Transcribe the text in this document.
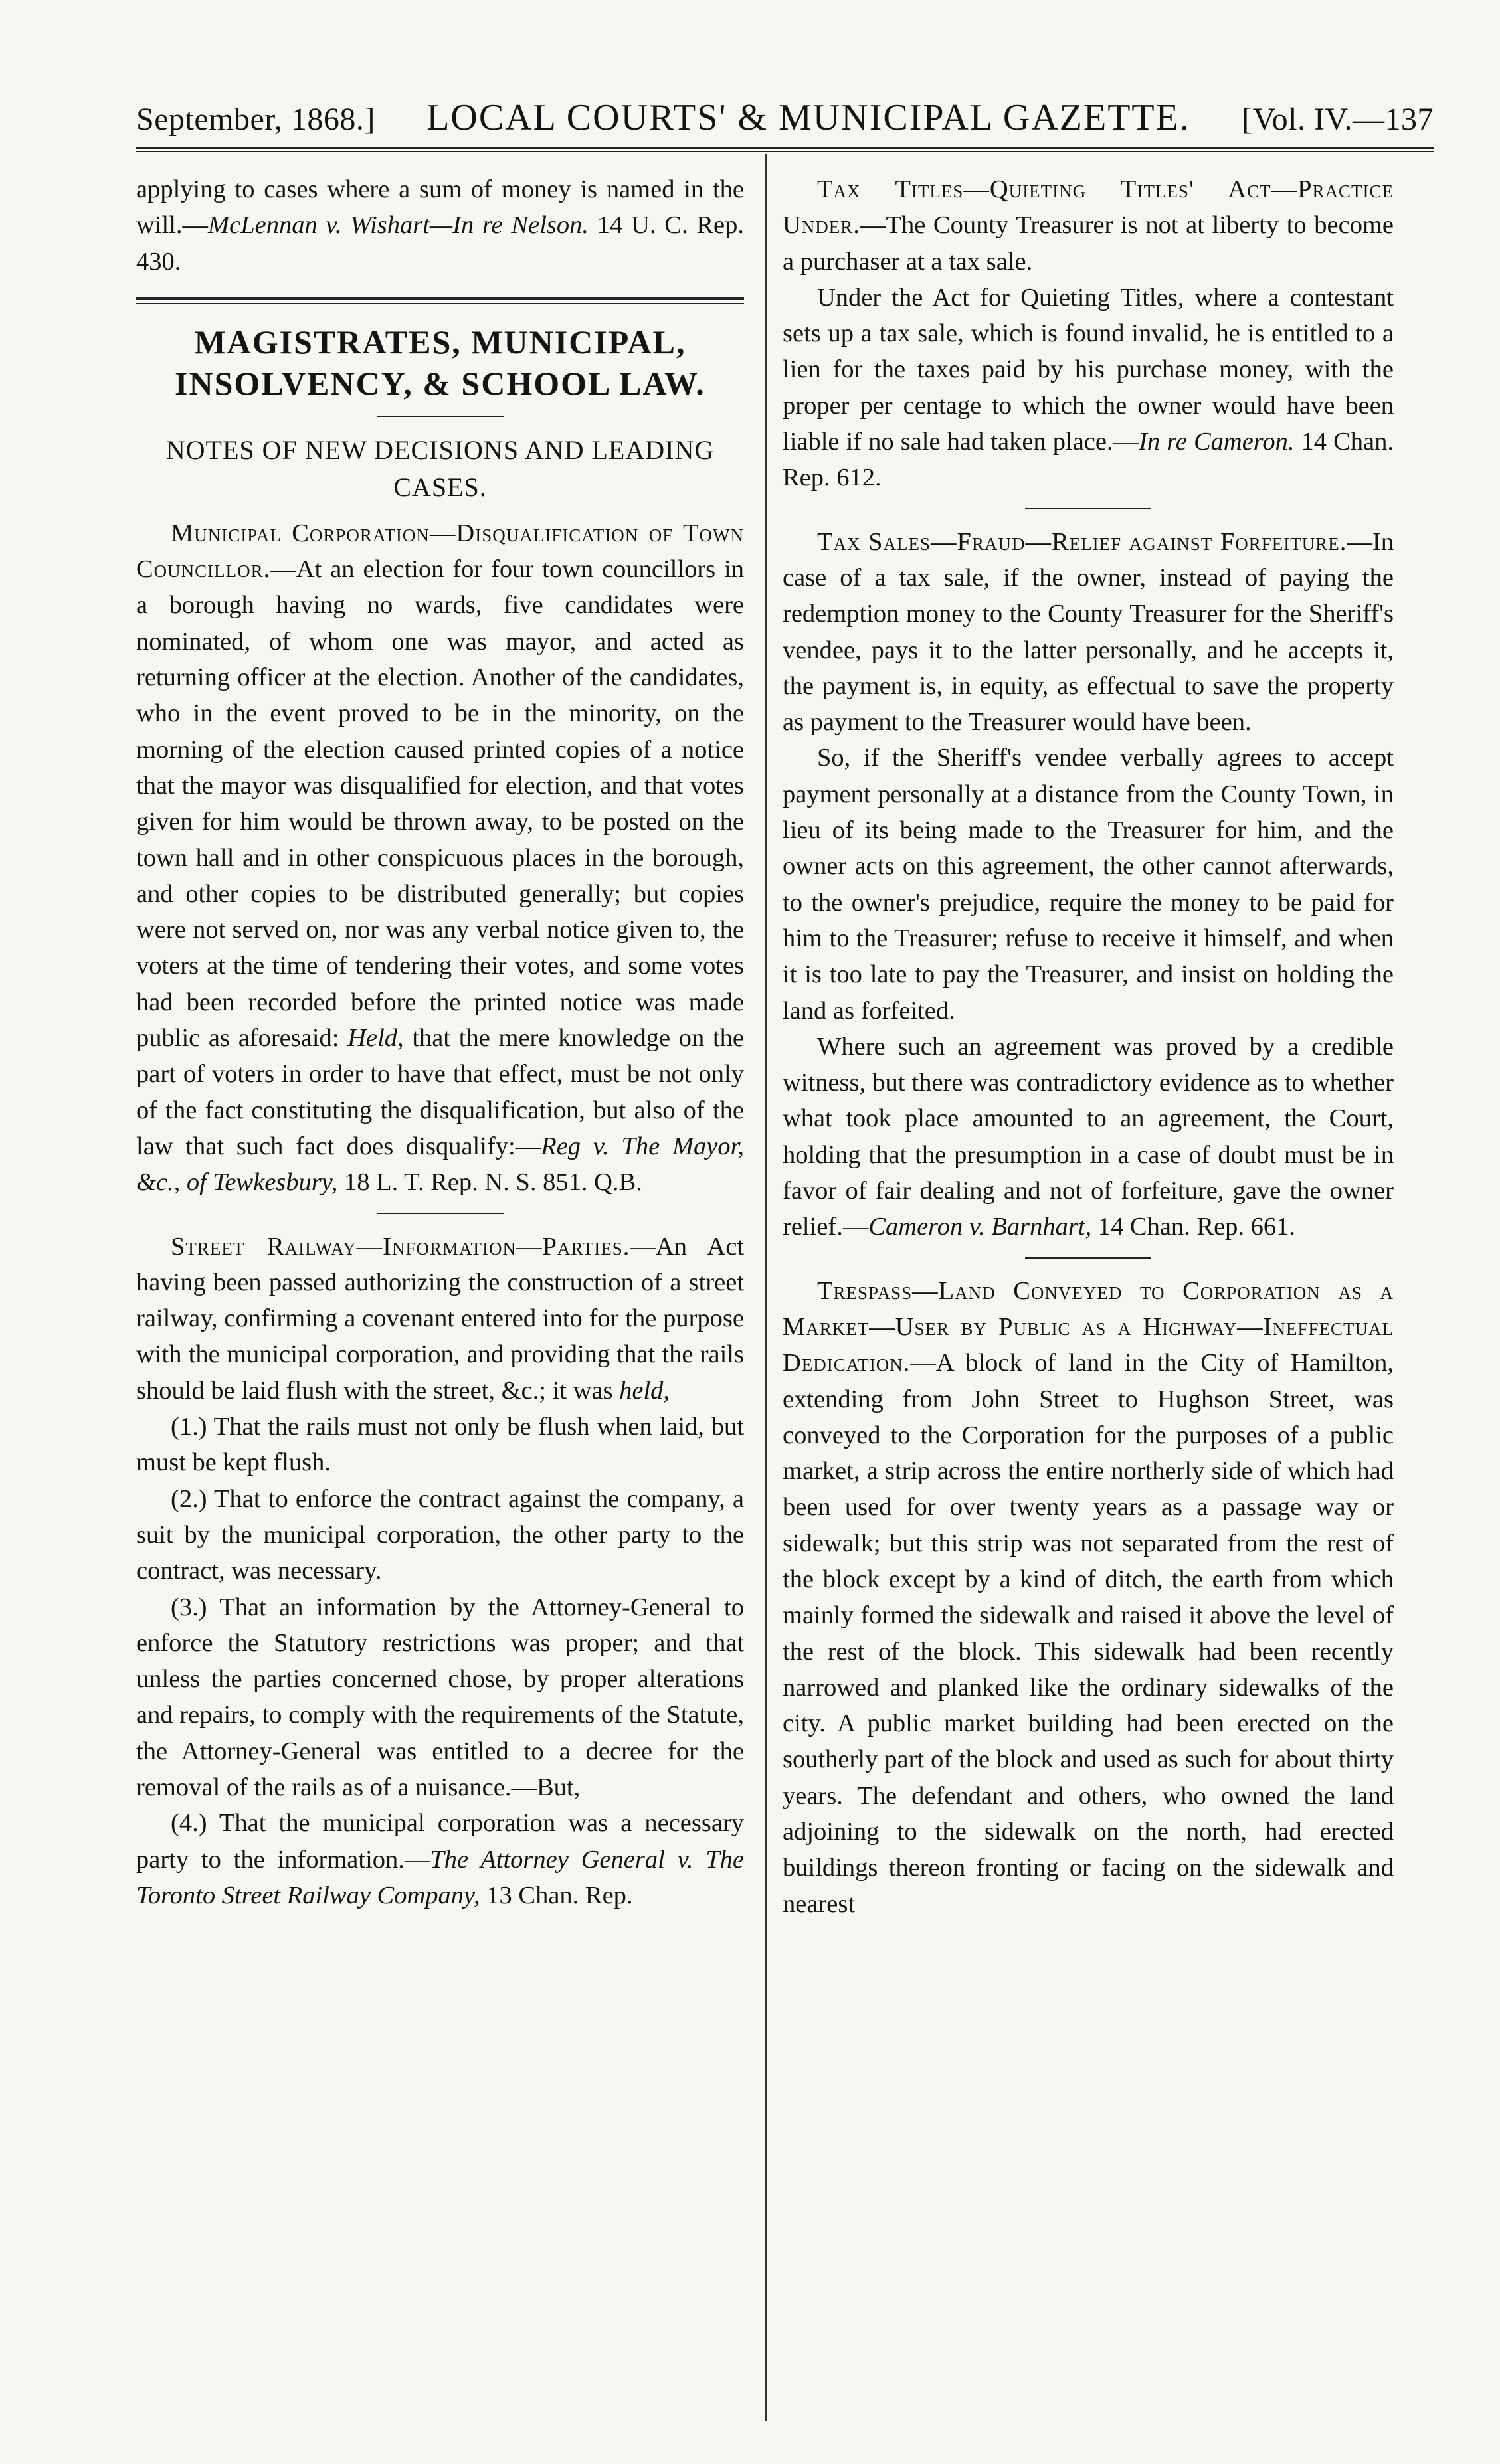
September, 1868.] LOCAL COURTS' & MUNICIPAL GAZETTE. [Vol. IV.—137

applying to cases where a sum of money is named in the will.—McLennan v. Wishart—In re Nelson. 14 U. C. Rep. 430.

MAGISTRATES, MUNICIPAL,
INSOLVENCY, & SCHOOL LAW.
NOTES OF NEW DECISIONS AND LEADING CASES.

Municipal Corporation—Disqualification of Town Councillor.—At an election for four town councillors in a borough having no wards, five candidates were nominated, of whom one was mayor, and acted as returning officer at the election. Another of the candidates, who in the event proved to be in the minority, on the morning of the election caused printed copies of a notice that the mayor was disqualified for election, and that votes given for him would be thrown away, to be posted on the town hall and in other conspicuous places in the borough, and other copies to be distributed generally; but copies were not served on, nor was any verbal notice given to, the voters at the time of tendering their votes, and some votes had been recorded before the printed notice was made public as aforesaid: Held, that the mere knowledge on the part of voters in order to have that effect, must be not only of the fact constituting the disqualification, but also of the law that such fact does disqualify:—Reg v. The Mayor, &c., of Tewkesbury, 18 L. T. Rep. N. S. 851. Q.B.

Street Railway—Information—Parties.—An Act having been passed authorizing the construction of a street railway, confirming a covenant entered into for the purpose with the municipal corporation, and providing that the rails should be laid flush with the street, &c.; it was held,

(1.) That the rails must not only be flush when laid, but must be kept flush.

(2.) That to enforce the contract against the company, a suit by the municipal corporation, the other party to the contract, was necessary.

(3.) That an information by the Attorney-General to enforce the Statutory restrictions was proper; and that unless the parties concerned chose, by proper alterations and repairs, to comply with the requirements of the Statute, the Attorney-General was entitled to a decree for the removal of the rails as of a nuisance.—But,

(4.) That the municipal corporation was a necessary party to the information.—The Attorney General v. The Toronto Street Railway Company, 13 Chan. Rep.

Tax Titles—Quieting Titles' Act—Practice Under.—The County Treasurer is not at liberty to become a purchaser at a tax sale.

Under the Act for Quieting Titles, where a contestant sets up a tax sale, which is found invalid, he is entitled to a lien for the taxes paid by his purchase money, with the proper per centage to which the owner would have been liable if no sale had taken place.—In re Cameron. 14 Chan. Rep. 612.

Tax Sales—Fraud—Relief against Forfeiture.—In case of a tax sale, if the owner, instead of paying the redemption money to the County Treasurer for the Sheriff's vendee, pays it to the latter personally, and he accepts it, the payment is, in equity, as effectual to save the property as payment to the Treasurer would have been.

So, if the Sheriff's vendee verbally agrees to accept payment personally at a distance from the County Town, in lieu of its being made to the Treasurer for him, and the owner acts on this agreement, the other cannot afterwards, to the owner's prejudice, require the money to be paid for him to the Treasurer; refuse to receive it himself, and when it is too late to pay the Treasurer, and insist on holding the land as forfeited.

Where such an agreement was proved by a credible witness, but there was contradictory evidence as to whether what took place amounted to an agreement, the Court, holding that the presumption in a case of doubt must be in favor of fair dealing and not of forfeiture, gave the owner relief.—Cameron v. Barnhart, 14 Chan. Rep. 661.

Trespass—Land Conveyed to Corporation as a Market—User by Public as a Highway—Ineffectual Dedication.—A block of land in the City of Hamilton, extending from John Street to Hughson Street, was conveyed to the Corporation for the purposes of a public market, a strip across the entire northerly side of which had been used for over twenty years as a passage way or sidewalk; but this strip was not separated from the rest of the block except by a kind of ditch, the earth from which mainly formed the sidewalk and raised it above the level of the rest of the block. This sidewalk had been recently narrowed and planked like the ordinary sidewalks of the city. A public market building had been erected on the southerly part of the block and used as such for about thirty years. The defendant and others, who owned the land adjoining to the sidewalk on the north, had erected buildings thereon fronting or facing on the sidewalk and nearest
